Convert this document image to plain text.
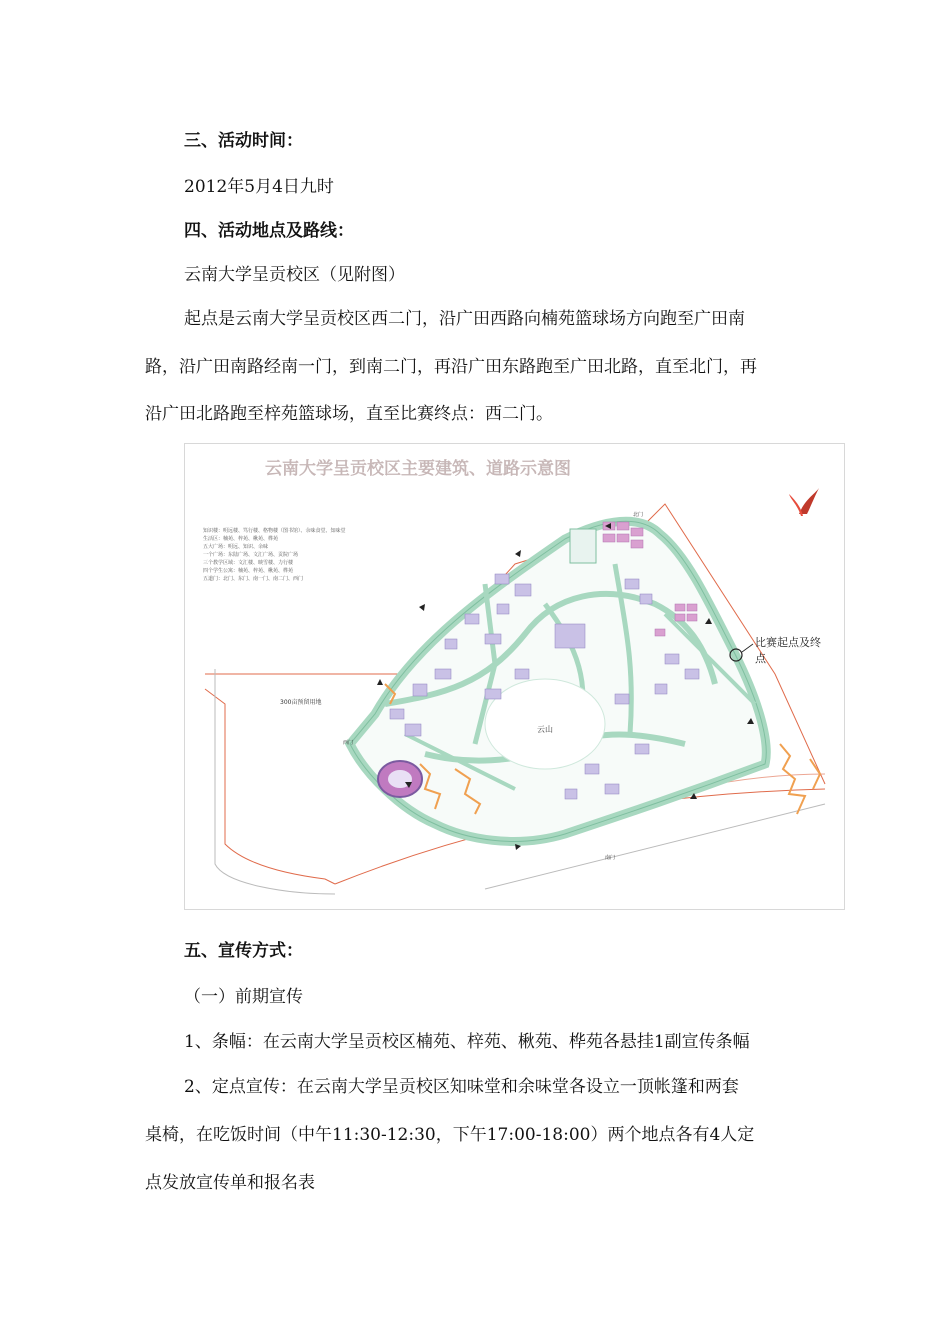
三、活动时间：
2012年5月4日九时
四、活动地点及路线：
云南大学呈贡校区（见附图）
起点是云南大学呈贡校区西二门，沿广田西路向楠苑篮球场方向跑至广田南
路，沿广田南路经南一门，到南二门，再沿广田东路跑至广田北路，直至北门，再
沿广田北路跑至梓苑篮球场，直至比赛终点：西二门。
云南大学呈贡校区主要建筑、道路示意图
云山
比赛起点及终
点
300亩预留用地
西门
南门
北门
知识楼：明远楼、笃行楼、格物楼（图书馆）、余味食堂、知味堂
生活区：楠苑、梓苑、楸苑、桦苑
五大广场：明远、知识、余味
一个广场：东陆广场、文汇广场、贡院广场
三个教学区域：文汇楼、映雪楼、力行楼
四个学生公寓：楠苑、梓苑、楸苑、桦苑
五道门：北门、东门、南一门、南二门、西门
五、宣传方式：
（一）前期宣传
1、条幅：在云南大学呈贡校区楠苑、梓苑、楸苑、桦苑各悬挂1副宣传条幅
2、定点宣传：在云南大学呈贡校区知味堂和余味堂各设立一顶帐篷和两套
桌椅，在吃饭时间（中午11:30-12:30，下午17:00-18:00）两个地点各有4人定
点发放宣传单和报名表
